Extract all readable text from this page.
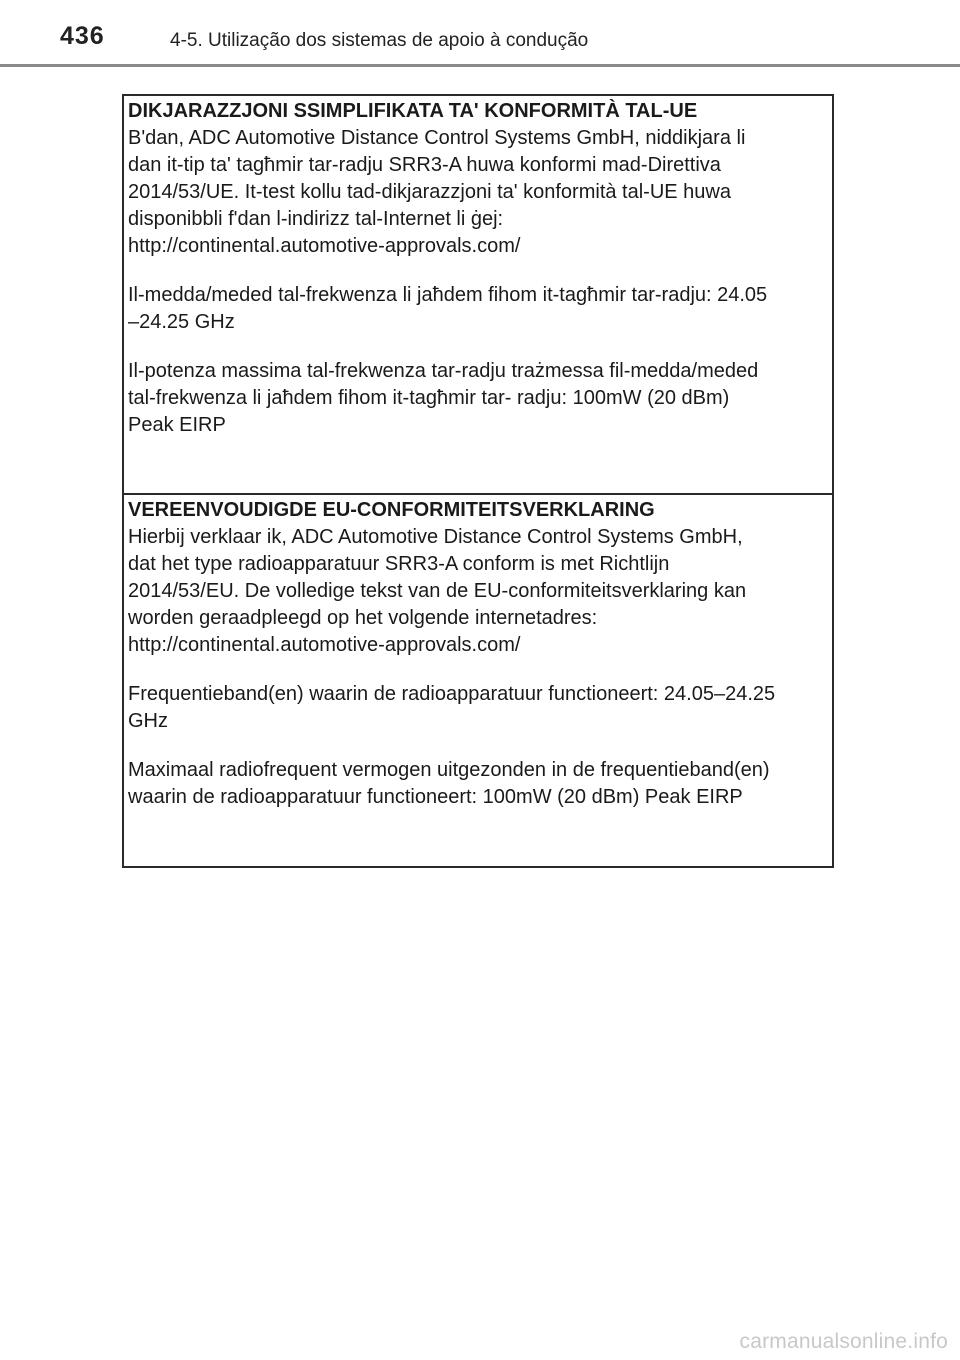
436	4-5. Utilização dos sistemas de apoio à condução
DIKJARAZZJONI SSIMPLIFIKATA TA' KONFORMITÀ TAL-UE
B'dan, ADC Automotive Distance Control Systems GmbH, niddikjara li
dan it-tip ta' tagħmir tar-radju SRR3-A huwa konformi mad-Direttiva
2014/53/UE. It-test kollu tad-dikjarazzjoni ta' konformità tal-UE huwa
disponibbli f'dan l-indirizz tal-Internet li ġej:
http://continental.automotive-approvals.com/
Il-medda/meded tal-frekwenza li jaħdem fihom it-tagħmir tar-radju: 24.05
–24.25 GHz
Il-potenza massima tal-frekwenza tar-radju trażmessa fil-medda/meded
tal-frekwenza li jaħdem fihom it-tagħmir tar- radju: 100mW (20 dBm)
Peak EIRP
VEREENVOUDIGDE EU-CONFORMITEITSVERKLARING
Hierbij verklaar ik, ADC Automotive Distance Control Systems GmbH,
dat het type radioapparatuur SRR3-A conform is met Richtlijn
2014/53/EU. De volledige tekst van de EU-conformiteitsverklaring kan
worden geraadpleegd op het volgende internetadres:
http://continental.automotive-approvals.com/
Frequentieband(en) waarin de radioapparatuur functioneert: 24.05–24.25
GHz
Maximaal radiofrequent vermogen uitgezonden in de frequentieband(en)
waarin de radioapparatuur functioneert: 100mW (20 dBm) Peak EIRP
carmanualsonline.info
